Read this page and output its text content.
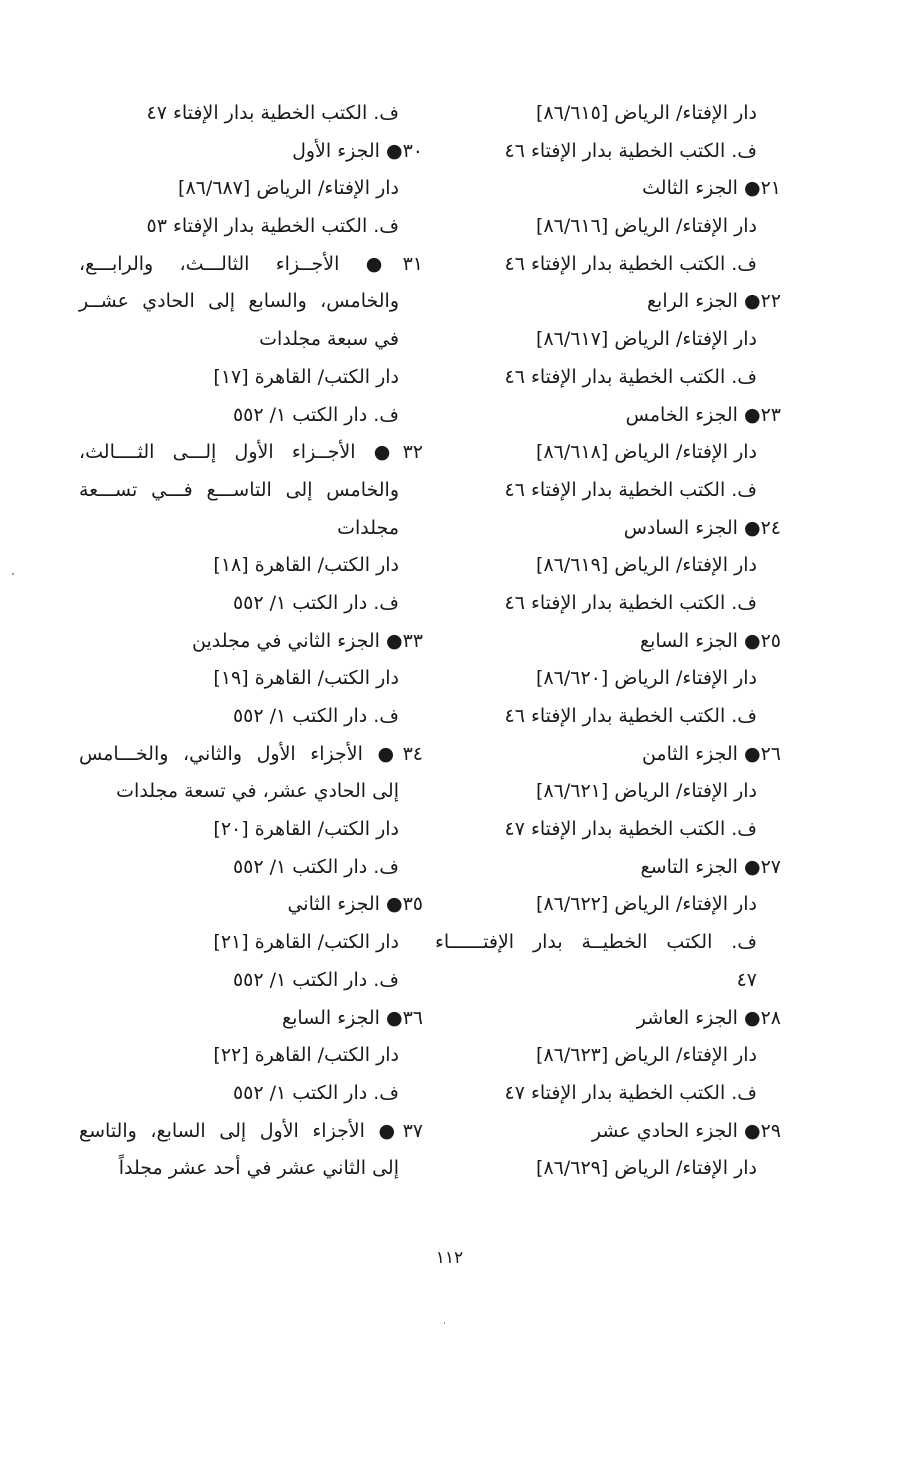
دار الإفتاء/ الرياض [٨٦/٦١٥]
ف. الكتب الخطية بدار الإفتاء ٤٦
٢١● الجزء الثالث
دار الإفتاء/ الرياض [٨٦/٦١٦]
ف. الكتب الخطية بدار الإفتاء ٤٦
٢٢● الجزء الرابع
دار الإفتاء/ الرياض [٨٦/٦١٧]
ف. الكتب الخطية بدار الإفتاء ٤٦
٢٣● الجزء الخامس
دار الإفتاء/ الرياض [٨٦/٦١٨]
ف. الكتب الخطية بدار الإفتاء ٤٦
٢٤● الجزء السادس
دار الإفتاء/ الرياض [٨٦/٦١٩]
ف. الكتب الخطية بدار الإفتاء ٤٦
٢٥● الجزء السابع
دار الإفتاء/ الرياض [٨٦/٦٢٠]
ف. الكتب الخطية بدار الإفتاء ٤٦
٢٦● الجزء الثامن
دار الإفتاء/ الرياض [٨٦/٦٢١]
ف. الكتب الخطية بدار الإفتاء ٤٧
٢٧● الجزء التاسع
دار الإفتاء/ الرياض [٨٦/٦٢٢]
ف. الكتب الخطيــة بدار الإفتــــــاء
٤٧
٢٨● الجزء العاشر
دار الإفتاء/ الرياض [٨٦/٦٢٣]
ف. الكتب الخطية بدار الإفتاء ٤٧
٢٩● الجزء الحادي عشر
دار الإفتاء/ الرياض [٨٦/٦٢٩]
ف. الكتب الخطية بدار الإفتاء ٤٧
٣٠● الجزء الأول
دار الإفتاء/ الرياض [٨٦/٦٨٧]
ف. الكتب الخطية بدار الإفتاء ٥٣
٣١● الأجــزاء الثالـــث، والرابـــع،
والخامس، والسابع إلى الحادي عشــر
في سبعة مجلدات
دار الكتب/ القاهرة [١٧]
ف. دار الكتب ١/ ٥٥٢
٣٢● الأجــزاء الأول إلـــى الثــــالث،
والخامس إلى التاســـع فـــي تســـعة
مجلدات
دار الكتب/ القاهرة [١٨]
ف. دار الكتب ١/ ٥٥٢
٣٣● الجزء الثاني في مجلدين
دار الكتب/ القاهرة [١٩]
ف. دار الكتب ١/ ٥٥٢
٣٤● الأجزاء الأول والثاني، والخـــامس
إلى الحادي عشر، في تسعة مجلدات
دار الكتب/ القاهرة [٢٠]
ف. دار الكتب ١/ ٥٥٢
٣٥● الجزء الثاني
دار الكتب/ القاهرة [٢١]
ف. دار الكتب ١/ ٥٥٢
٣٦● الجزء السابع
دار الكتب/ القاهرة [٢٢]
ف. دار الكتب ١/ ٥٥٢
٣٧● الأجزاء الأول إلى السابع، والتاسع
إلى الثاني عشر في أحد عشر مجلداً
١١٢
